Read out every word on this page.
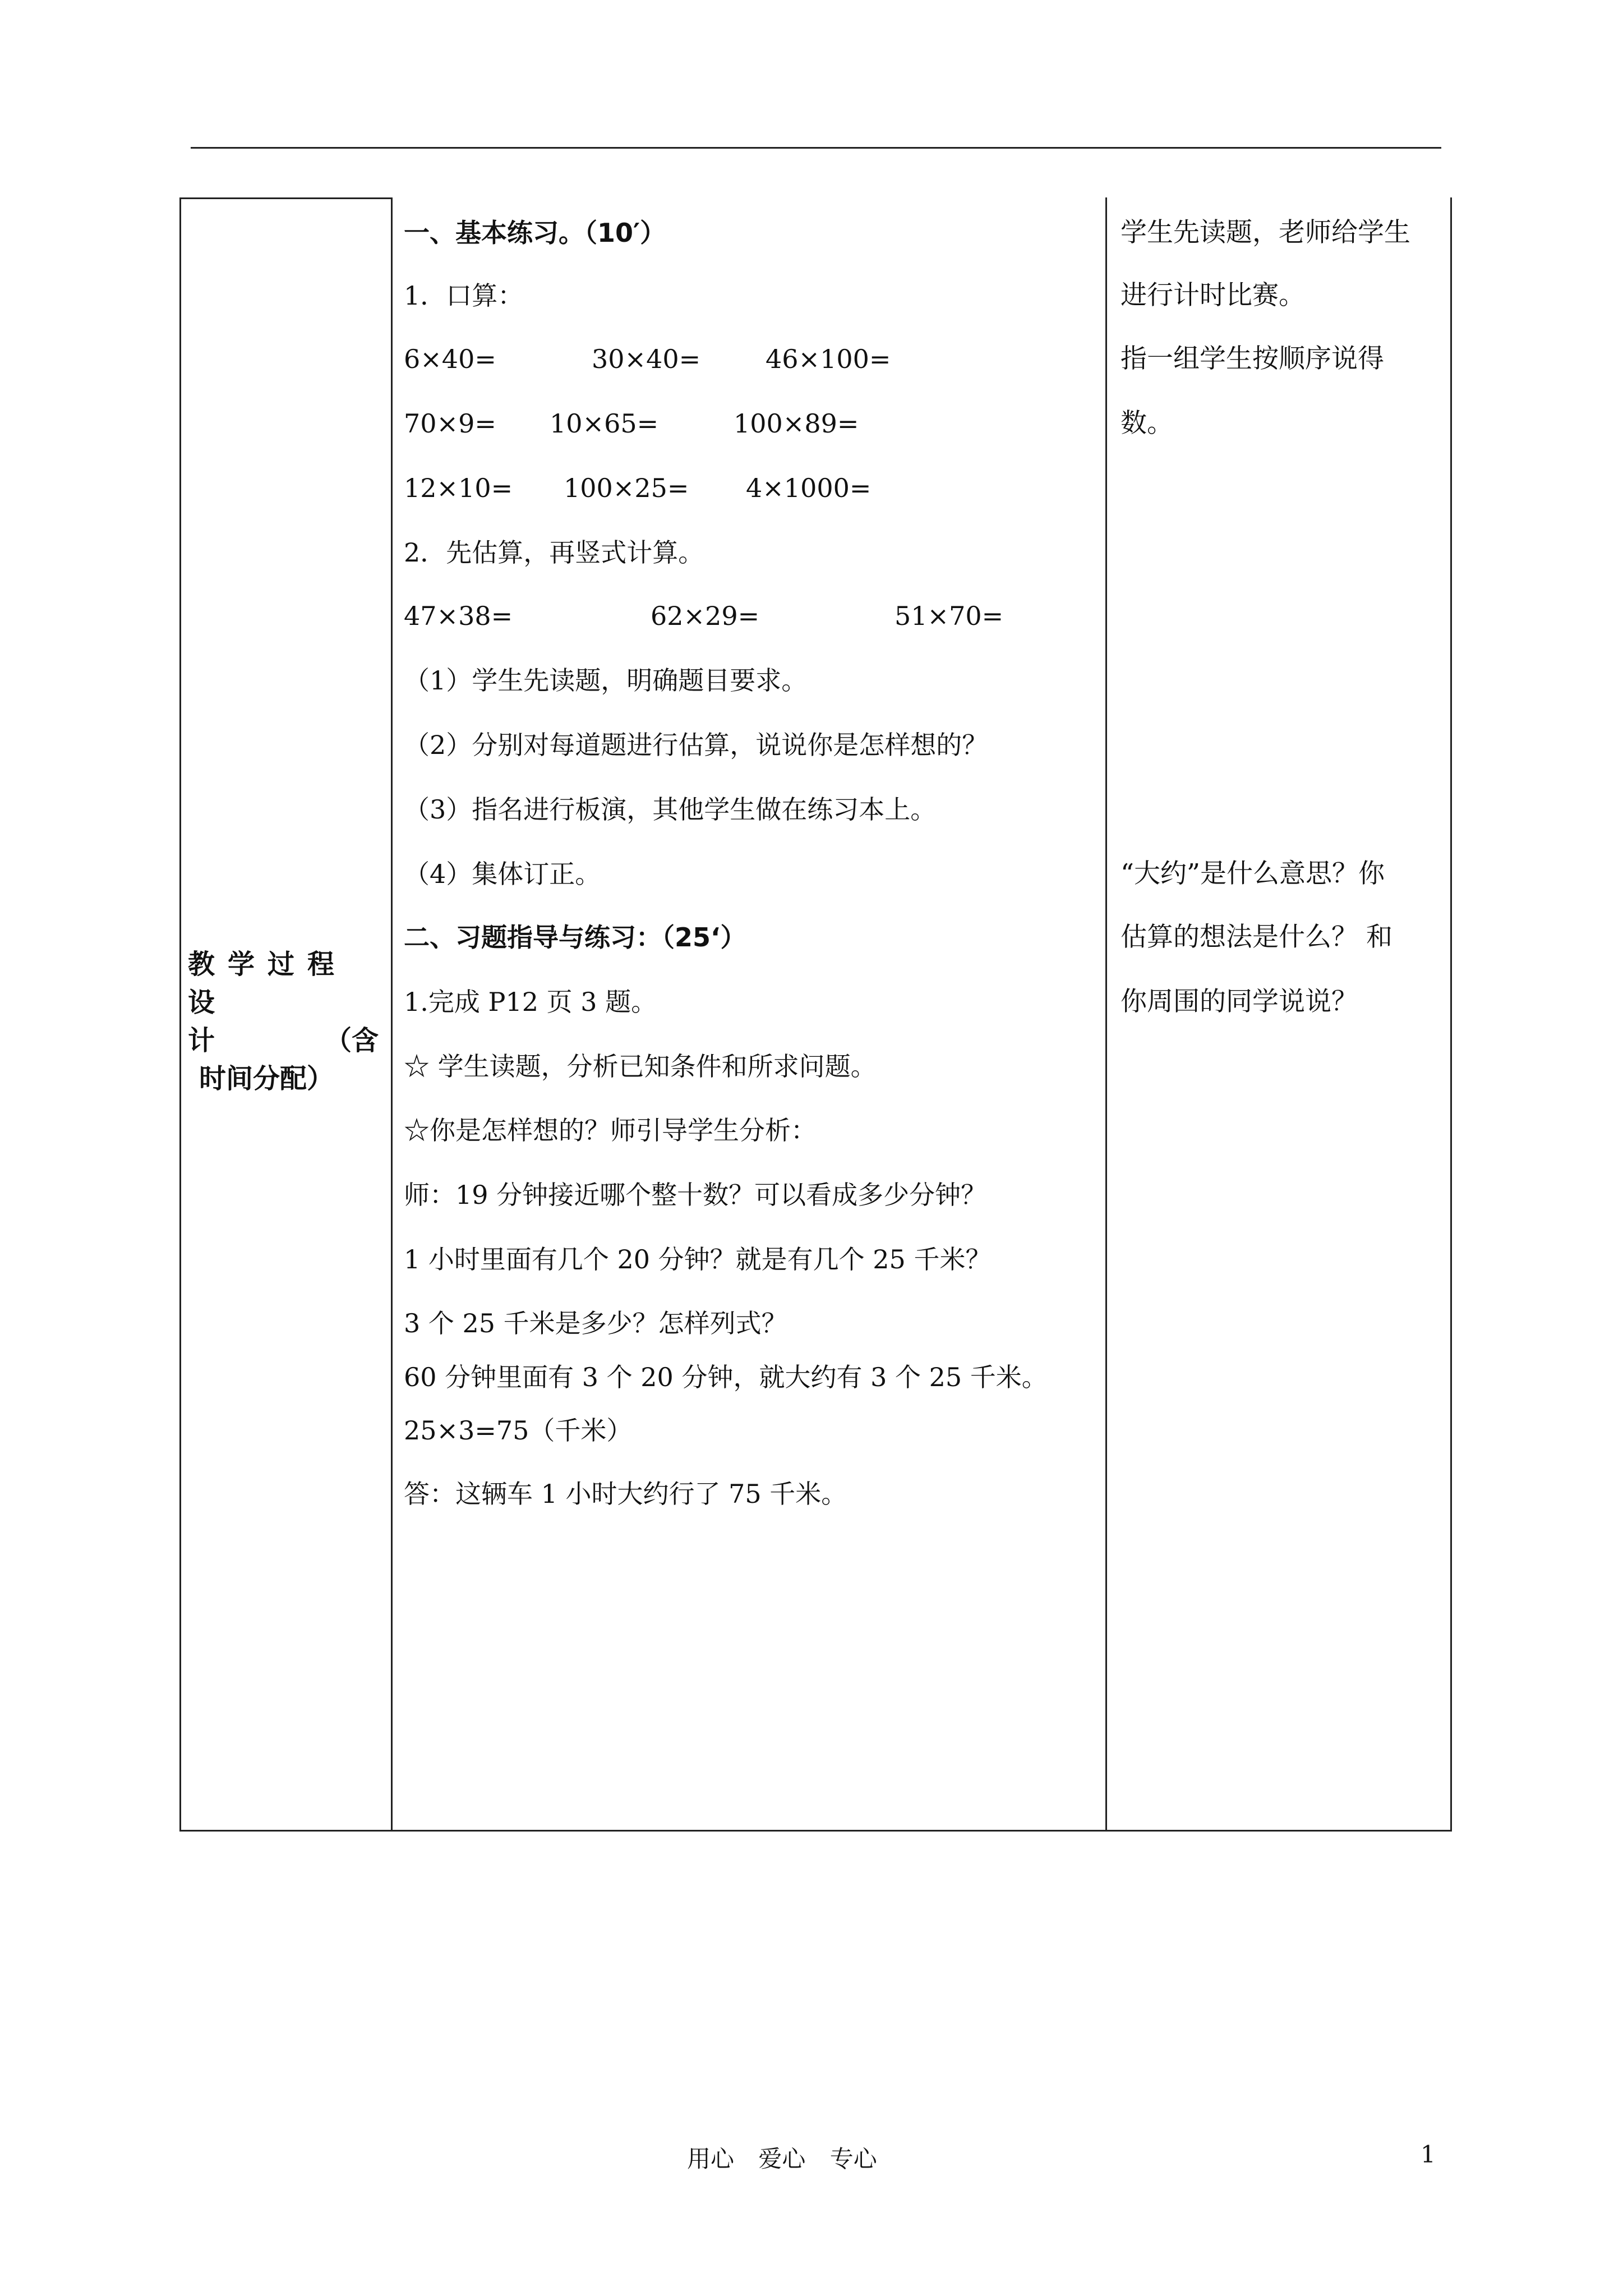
教学过程设
计	（含
时间分配）
一、基本练习。（10′）
1．口算：
6×40=	30×40=	46×100=
70×9= 10×65=	100×89=
12×10= 100×25= 4×1000=
2．先估算，再竖式计算。
47×38=	62×29=	51×70=
（1）学生先读题，明确题目要求。
（2）分别对每道题进行估算，说说你是怎样想的？
（3）指名进行板演，其他学生做在练习本上。
（4）集体订正。
二、习题指导与练习：（25‘）
1.完成 P12 页 3 题。
☆ 学生读题，分析已知条件和所求问题。
☆你是怎样想的？师引导学生分析：
师：19 分钟接近哪个整十数？可以看成多少分钟？
1 小时里面有几个 20 分钟？就是有几个 25 千米？
3 个 25 千米是多少？怎样列式？
60 分钟里面有 3 个 20 分钟，就大约有 3 个 25 千米。
25×3=75（千米）
答：这辆车 1 小时大约行了 75 千米。
学生先读题，老师给学生
进行计时比赛。
指一组学生按顺序说得
数。
“大约”是什么意思？你
估算的想法是什么？ 和
你周围的同学说说？
用心 爱心 专心	1
